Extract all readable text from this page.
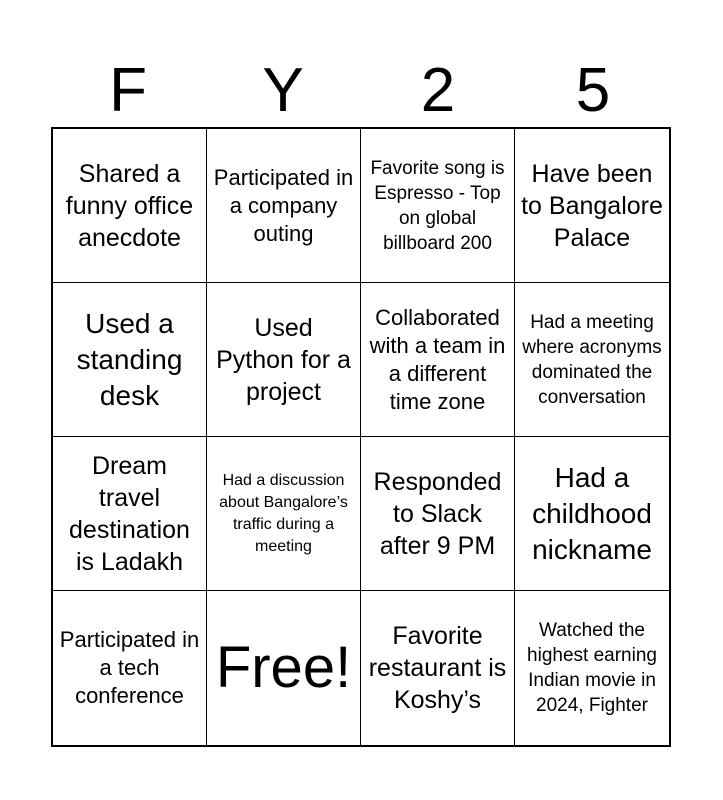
F	Y	2	5
Shared a funny office anecdote
Participated in a company outing
Favorite song is Espresso - Top on global billboard 200
Have been to Bangalore Palace
Used a standing desk
Used Python for a project
Collaborated with a team in a different time zone
Had a meeting where acronyms dominated the conversation
Dream travel destination is Ladakh
Had a discussion about Bangalore’s traffic during a meeting
Responded to Slack after 9 PM
Had a childhood nickname
Participated in a tech conference Free!	Favorite restaurant is Koshy’s
Watched the highest earning Indian movie in 2024, Fighter
